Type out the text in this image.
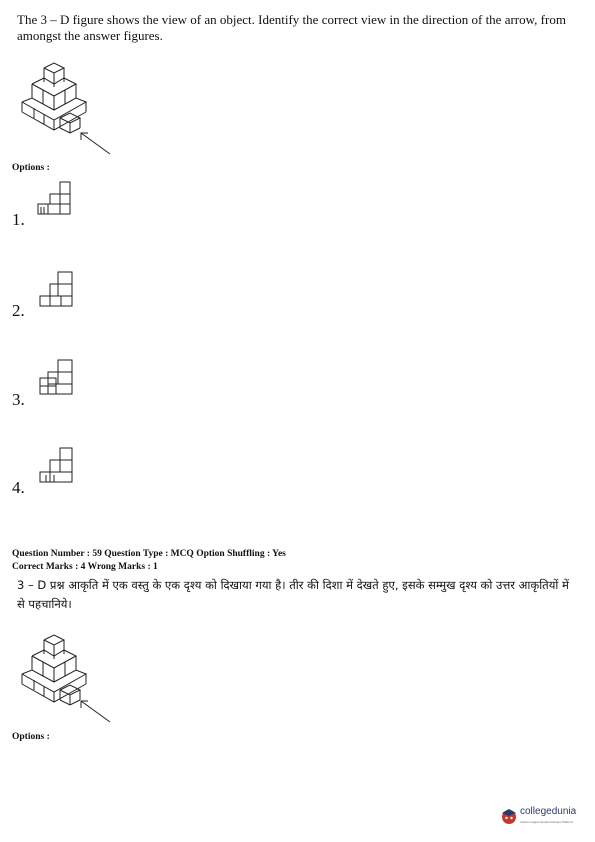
The 3 – D figure shows the view of an object. Identify the correct view in the direction of the arrow, from amongst the answer figures.
Options :
1.
2.
3.
4.
Question Number : 59 Question Type : MCQ Option Shuffling : Yes
Correct Marks : 4 Wrong Marks : 1
3 – D प्रश्न आकृति में एक वस्तु के एक दृश्य को दिखाया गया है। तीर की दिशा में देखते हुए, इसके सम्मुख दृश्य को उत्तर आकृतियों में से पहचानिये।
Options :
collegedunia
India's Largest Student Review Platform
